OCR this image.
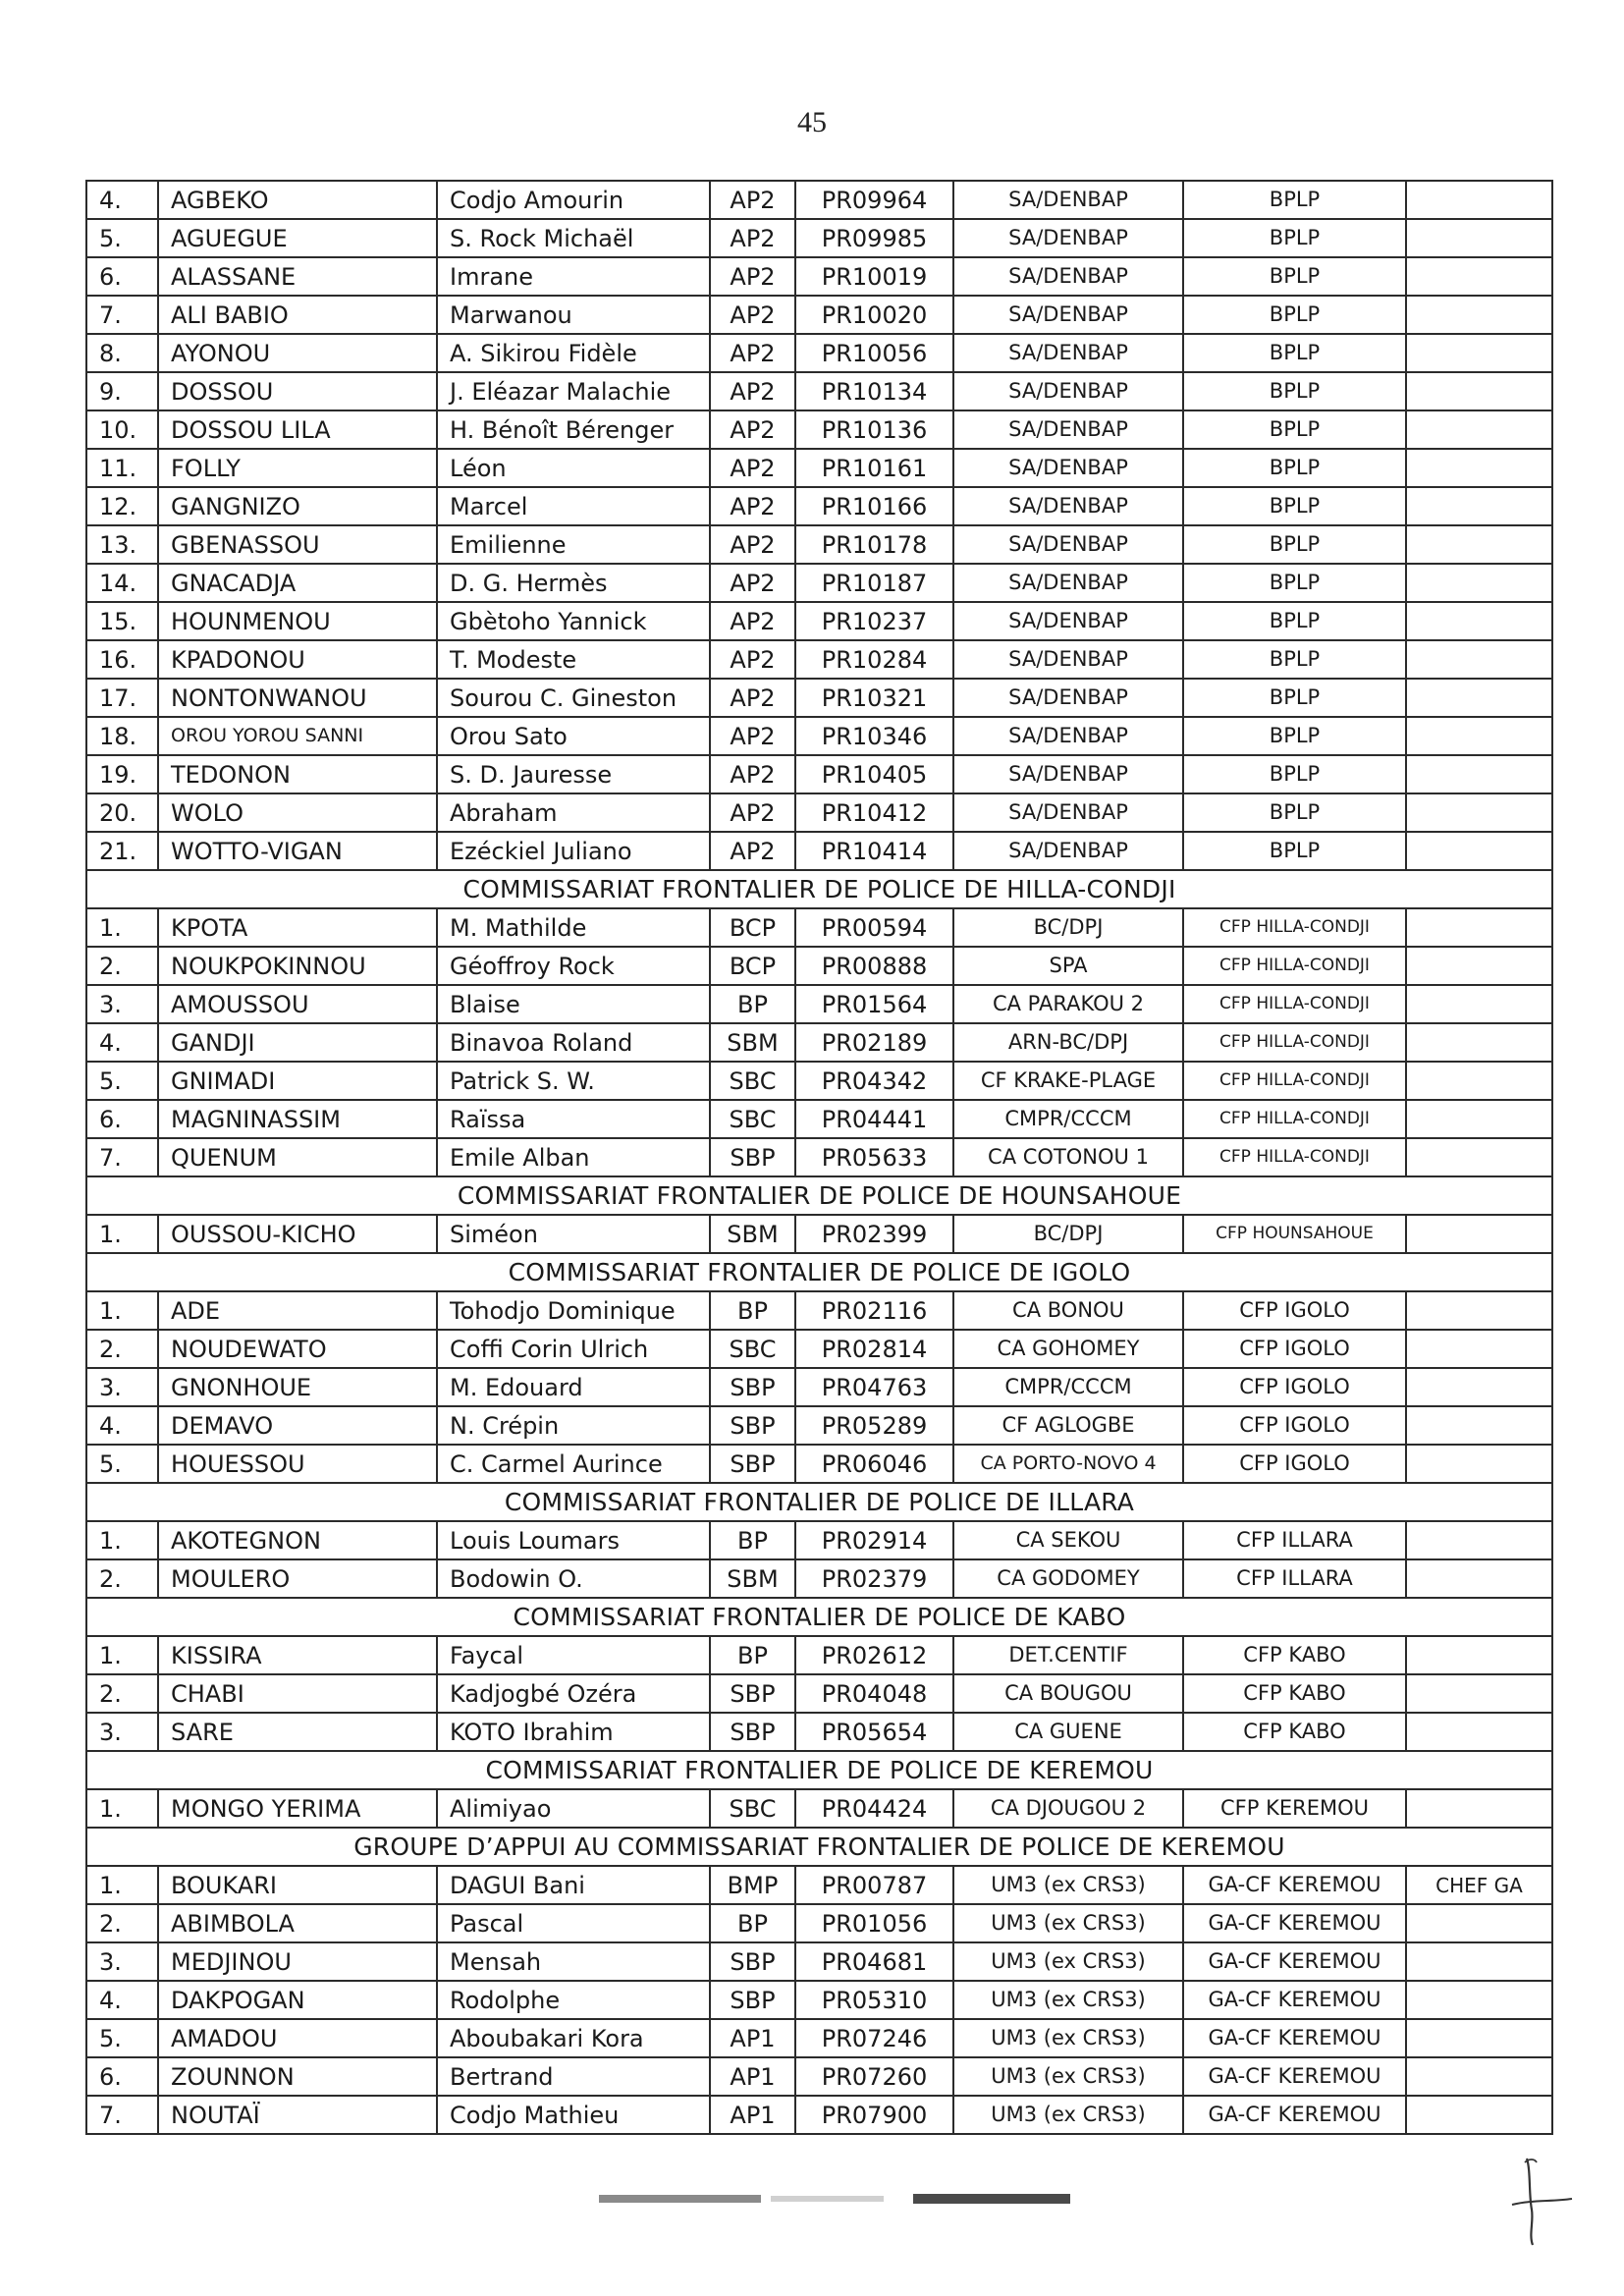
45
4.	AGBEKO	Codjo Amourin	AP2	PR09964	SA/DENBAP	BPLP	
5.	AGUEGUE	S. Rock Michaël	AP2	PR09985	SA/DENBAP	BPLP	
6.	ALASSANE	Imrane	AP2	PR10019	SA/DENBAP	BPLP	
7.	ALI BABIO	Marwanou	AP2	PR10020	SA/DENBAP	BPLP	
8.	AYONOU	A. Sikirou Fidèle	AP2	PR10056	SA/DENBAP	BPLP	
9.	DOSSOU	J. Eléazar Malachie	AP2	PR10134	SA/DENBAP	BPLP	
10.	DOSSOU LILA	H. Bénoît Bérenger	AP2	PR10136	SA/DENBAP	BPLP	
11.	FOLLY	Léon	AP2	PR10161	SA/DENBAP	BPLP	
12.	GANGNIZO	Marcel	AP2	PR10166	SA/DENBAP	BPLP	
13.	GBENASSOU	Emilienne	AP2	PR10178	SA/DENBAP	BPLP	
14.	GNACADJA	D. G. Hermès	AP2	PR10187	SA/DENBAP	BPLP	
15.	HOUNMENOU	Gbètoho Yannick	AP2	PR10237	SA/DENBAP	BPLP	
16.	KPADONOU	T. Modeste	AP2	PR10284	SA/DENBAP	BPLP	
17.	NONTONWANOU	Sourou C. Gineston	AP2	PR10321	SA/DENBAP	BPLP	
18.	OROU YOROU SANNI	Orou Sato	AP2	PR10346	SA/DENBAP	BPLP	
19.	TEDONON	S. D. Jauresse	AP2	PR10405	SA/DENBAP	BPLP	
20.	WOLO	Abraham	AP2	PR10412	SA/DENBAP	BPLP	
21.	WOTTO-VIGAN	Ezéckiel Juliano	AP2	PR10414	SA/DENBAP	BPLP	
COMMISSARIAT FRONTALIER DE POLICE DE HILLA-CONDJI							
1.	KPOTA	M. Mathilde	BCP	PR00594	BC/DPJ	CFP HILLA-CONDJI	
2.	NOUKPOKINNOU	Géoffroy Rock	BCP	PR00888	SPA	CFP HILLA-CONDJI	
3.	AMOUSSOU	Blaise	BP	PR01564	CA PARAKOU 2	CFP HILLA-CONDJI	
4.	GANDJI	Binavoa Roland	SBM	PR02189	ARN-BC/DPJ	CFP HILLA-CONDJI	
5.	GNIMADI	Patrick S. W.	SBC	PR04342	CF KRAKE-PLAGE	CFP HILLA-CONDJI	
6.	MAGNINASSIM	Raïssa	SBC	PR04441	CMPR/CCCM	CFP HILLA-CONDJI	
7.	QUENUM	Emile Alban	SBP	PR05633	CA COTONOU 1	CFP HILLA-CONDJI	
COMMISSARIAT FRONTALIER DE POLICE DE HOUNSAHOUE							
1.	OUSSOU-KICHO	Siméon	SBM	PR02399	BC/DPJ	CFP HOUNSAHOUE	
COMMISSARIAT FRONTALIER DE POLICE DE IGOLO							
1.	ADE	Tohodjo Dominique	BP	PR02116	CA BONOU	CFP IGOLO	
2.	NOUDEWATO	Coffi Corin Ulrich	SBC	PR02814	CA GOHOMEY	CFP IGOLO	
3.	GNONHOUE	M. Edouard	SBP	PR04763	CMPR/CCCM	CFP IGOLO	
4.	DEMAVO	N. Crépin	SBP	PR05289	CF AGLOGBE	CFP IGOLO	
5.	HOUESSOU	C. Carmel Aurince	SBP	PR06046	CA PORTO-NOVO 4	CFP IGOLO	
COMMISSARIAT FRONTALIER DE POLICE DE ILLARA							
1.	AKOTEGNON	Louis Loumars	BP	PR02914	CA SEKOU	CFP ILLARA	
2.	MOULERO	Bodowin O.	SBM	PR02379	CA GODOMEY	CFP ILLARA	
COMMISSARIAT FRONTALIER DE POLICE DE KABO							
1.	KISSIRA	Faycal	BP	PR02612	DET.CENTIF	CFP KABO	
2.	CHABI	Kadjogbé Ozéra	SBP	PR04048	CA BOUGOU	CFP KABO	
3.	SARE	KOTO Ibrahim	SBP	PR05654	CA GUENE	CFP KABO	
COMMISSARIAT FRONTALIER DE POLICE DE KEREMOU							
1.	MONGO YERIMA	Alimiyao	SBC	PR04424	CA DJOUGOU 2	CFP KEREMOU	
GROUPE D’APPUI AU COMMISSARIAT FRONTALIER DE POLICE DE KEREMOU							
1.	BOUKARI	DAGUI Bani	BMP	PR00787	UM3 (ex CRS3)	GA-CF KEREMOU	CHEF GA
2.	ABIMBOLA	Pascal	BP	PR01056	UM3 (ex CRS3)	GA-CF KEREMOU	
3.	MEDJINOU	Mensah	SBP	PR04681	UM3 (ex CRS3)	GA-CF KEREMOU	
4.	DAKPOGAN	Rodolphe	SBP	PR05310	UM3 (ex CRS3)	GA-CF KEREMOU	
5.	AMADOU	Aboubakari Kora	AP1	PR07246	UM3 (ex CRS3)	GA-CF KEREMOU	
6.	ZOUNNON	Bertrand	AP1	PR07260	UM3 (ex CRS3)	GA-CF KEREMOU	
7.	NOUTAÏ	Codjo Mathieu	AP1	PR07900	UM3 (ex CRS3)	GA-CF KEREMOU	
